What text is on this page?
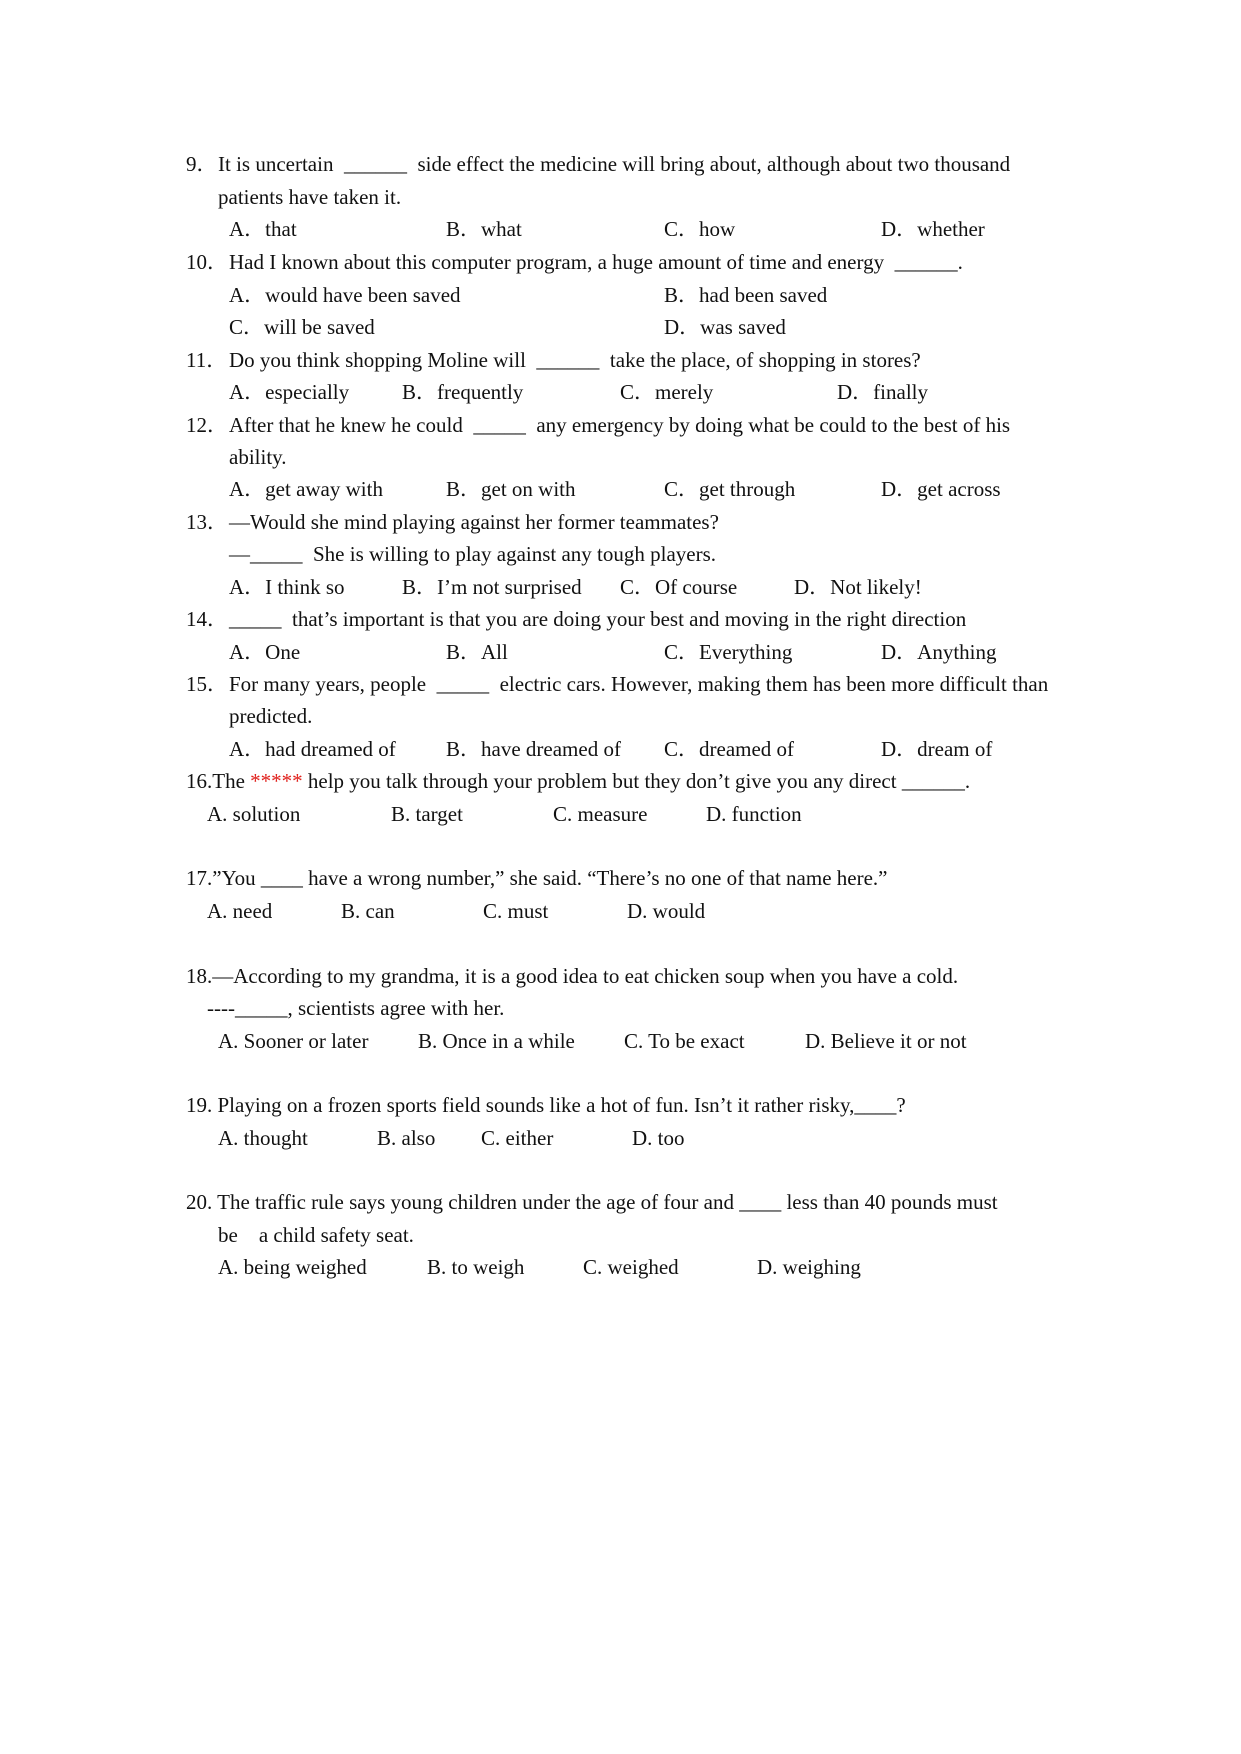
9． It is uncertain  ______  side effect the medicine will bring about, although about two thousand
patients have taken it.
A．that	B．what	C．how	D．whether
10． Had I known about this computer program, a huge amount of time and energy  ______.
A．would have been saved	B．had been saved
C．will be saved	D．was saved
11． Do you think shopping Moline will  ______  take the place, of shopping in stores?
A．especially	B．frequently	C．merely	D．finally
12． After that he knew he could  _____  any emergency by doing what be could to the best of his
ability.
A．get away with	B．get on with	C．get through	D．get across
13． —Would she mind playing against her former teammates?
—_____  She is willing to play against any tough players.
A．I think so	B．I’m not surprised C．Of course	D．Not likely!
14． _____  that’s important is that you are doing your best and moving in the right direction
A．One	B．All	C．Everything	D．Anything
15． For many years, people  _____  electric cars. However, making them has been more difficult than
predicted.
A．had dreamed of B．have dreamed of C．dreamed of	D．dream of
16.The ***** help you talk through your problem but they don’t give you any direct ______.
A. solution	B. target	C. measure	D. function
17.”You ____ have a wrong number,” she said. “There’s no one of that name here.”
A. need	B. can	C. must	D. would
18.—According to my grandma, it is a good idea to eat chicken soup when you have a cold.
----_____, scientists agree with her.
A. Sooner or later B. Once in a while C. To be exact	D. Believe it or not
19. Playing on a frozen sports field sounds like a hot of fun. Isn’t it rather risky,____?
A. thought	B. also C. either	D. too
20. The traffic rule says young children under the age of four and ____ less than 40 pounds must
be    a child safety seat.
A. being weighed	B. to weigh	C. weighed	D. weighing
